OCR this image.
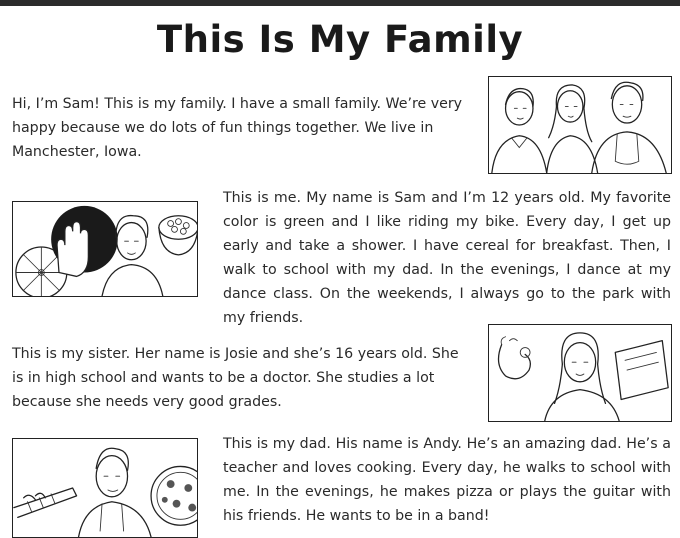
This Is My Family

Hi, I’m Sam! This is my family. I have a small family. We’re very happy because we do lots of fun things together. We live in Manchester, Iowa.

This is me. My name is Sam and I’m 12 years old. My favorite color is green and I like riding my bike. Every day, I get up early and take a shower. I have cereal for breakfast. Then, I walk to school with my dad. In the evenings, I dance at my dance class. On the weekends, I always go to the park with my friends.

This is my sister. Her name is Josie and she’s 16 years old. She is in high school and wants to be a doctor. She studies a lot because she needs very good grades.

This is my dad. His name is Andy. He’s an amazing dad. He’s a teacher and loves cooking. Every day, he walks to school with me. In the evenings, he makes pizza or plays the guitar with his friends. He wants to be in a band!
